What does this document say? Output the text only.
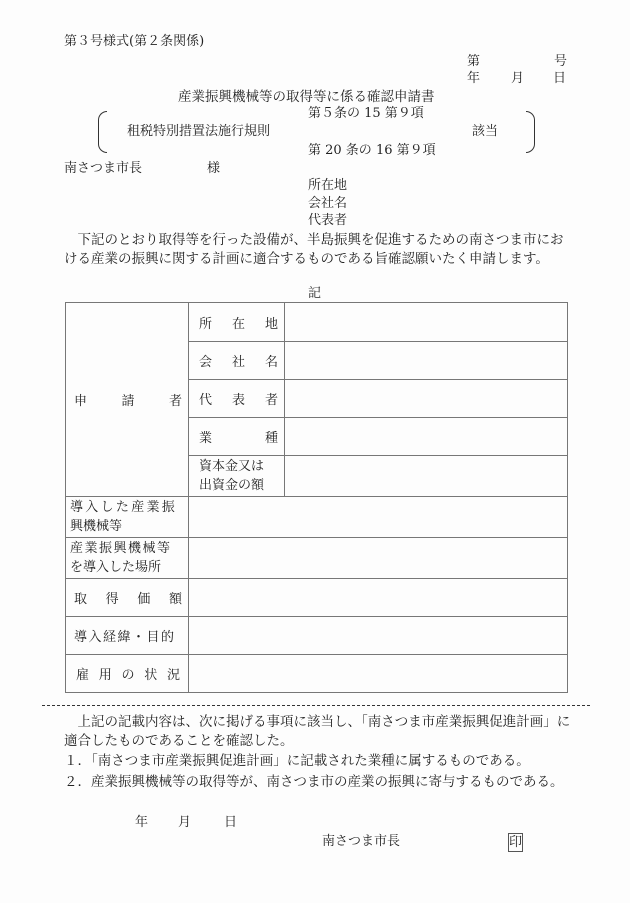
第３号様式(第２条関係)
第	号
年 月 日
産業振興機械等の取得等に係る確認申請書
第５条の 15 第９項
租税特別措置法施行規則	該当
第 20 条の 16 第９項
南さつま市長	様
所在地
会社名
代表者
　下記のとおり取得等を行った設備が、半島振興を促進するための南さつま市における産業の振興に関する計画に適合するものである旨確認願いたく申請します。
記
申 請 者	所 在 地	

	会 社 名	

	代 表 者	

	業 種	

	資本金又は
出資金の額	

導入した産業振
興機械等		

産業振興機械等
を導入した場所		

取 得 価 額		

導入経緯・目的		

雇 用 の 状 況		

　上記の記載内容は、次に掲げる事項に該当し、「南さつま市産業振興促進計画」に適合したものであることを確認した。
１．「南さつま市産業振興促進計画」に記載された業種に属するものである。
２．産業振興機械等の取得等が、南さつま市の産業の振興に寄与するものである。
年 月	日
南さつま市長	印
